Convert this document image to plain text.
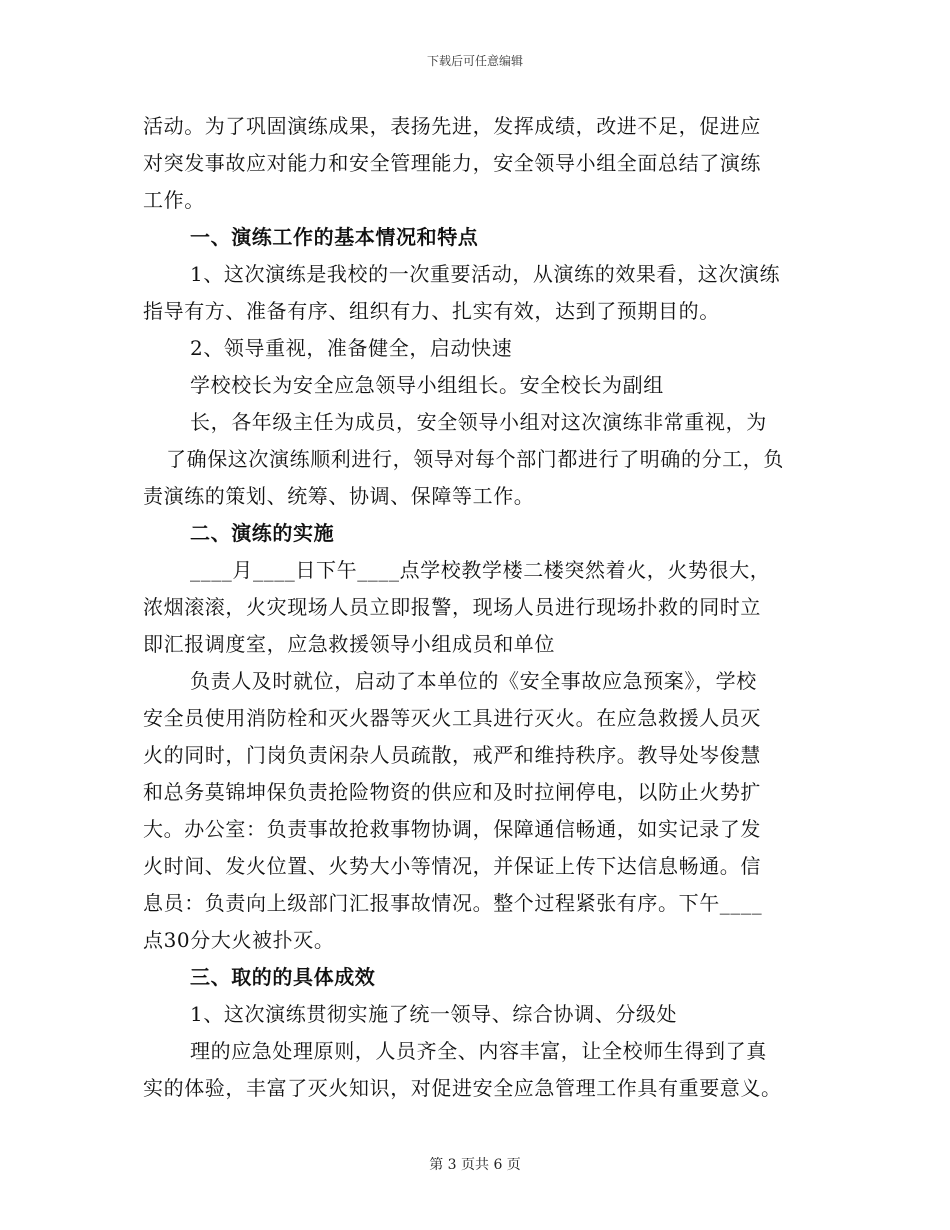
下载后可任意编辑
活动。为了巩固演练成果，表扬先进，发挥成绩，改进不足，促进应
对突发事故应对能力和安全管理能力，安全领导小组全面总结了演练
工作。
一、演练工作的基本情况和特点
1、这次演练是我校的一次重要活动，从演练的效果看，这次演练
指导有方、准备有序、组织有力、扎实有效，达到了预期目的。
2、领导重视，准备健全，启动快速
学校校长为安全应急领导小组组长。安全校长为副组
长，各年级主任为成员，安全领导小组对这次演练非常重视，为
了确保这次演练顺利进行，领导对每个部门都进行了明确的分工，负
责演练的策划、统筹、协调、保障等工作。
二、演练的实施
____月____日下午____点学校教学楼二楼突然着火，火势很大，
浓烟滚滚，火灾现场人员立即报警，现场人员进行现场扑救的同时立
即汇报调度室，应急救援领导小组成员和单位
负责人及时就位，启动了本单位的《安全事故应急预案》，学校
安全员使用消防栓和灭火器等灭火工具进行灭火。在应急救援人员灭
火的同时，门岗负责闲杂人员疏散，戒严和维持秩序。教导处岑俊慧
和总务莫锦坤保负责抢险物资的供应和及时拉闸停电，以防止火势扩
大。办公室：负责事故抢救事物协调，保障通信畅通，如实记录了发
火时间、发火位置、火势大小等情况，并保证上传下达信息畅通。信
息员：负责向上级部门汇报事故情况。整个过程紧张有序。下午____
点30分大火被扑灭。
三、取的的具体成效
1、这次演练贯彻实施了统一领导、综合协调、分级处
理的应急处理原则，人员齐全、内容丰富，让全校师生得到了真
实的体验，丰富了灭火知识，对促进安全应急管理工作具有重要意义。
第 3 页共 6 页
